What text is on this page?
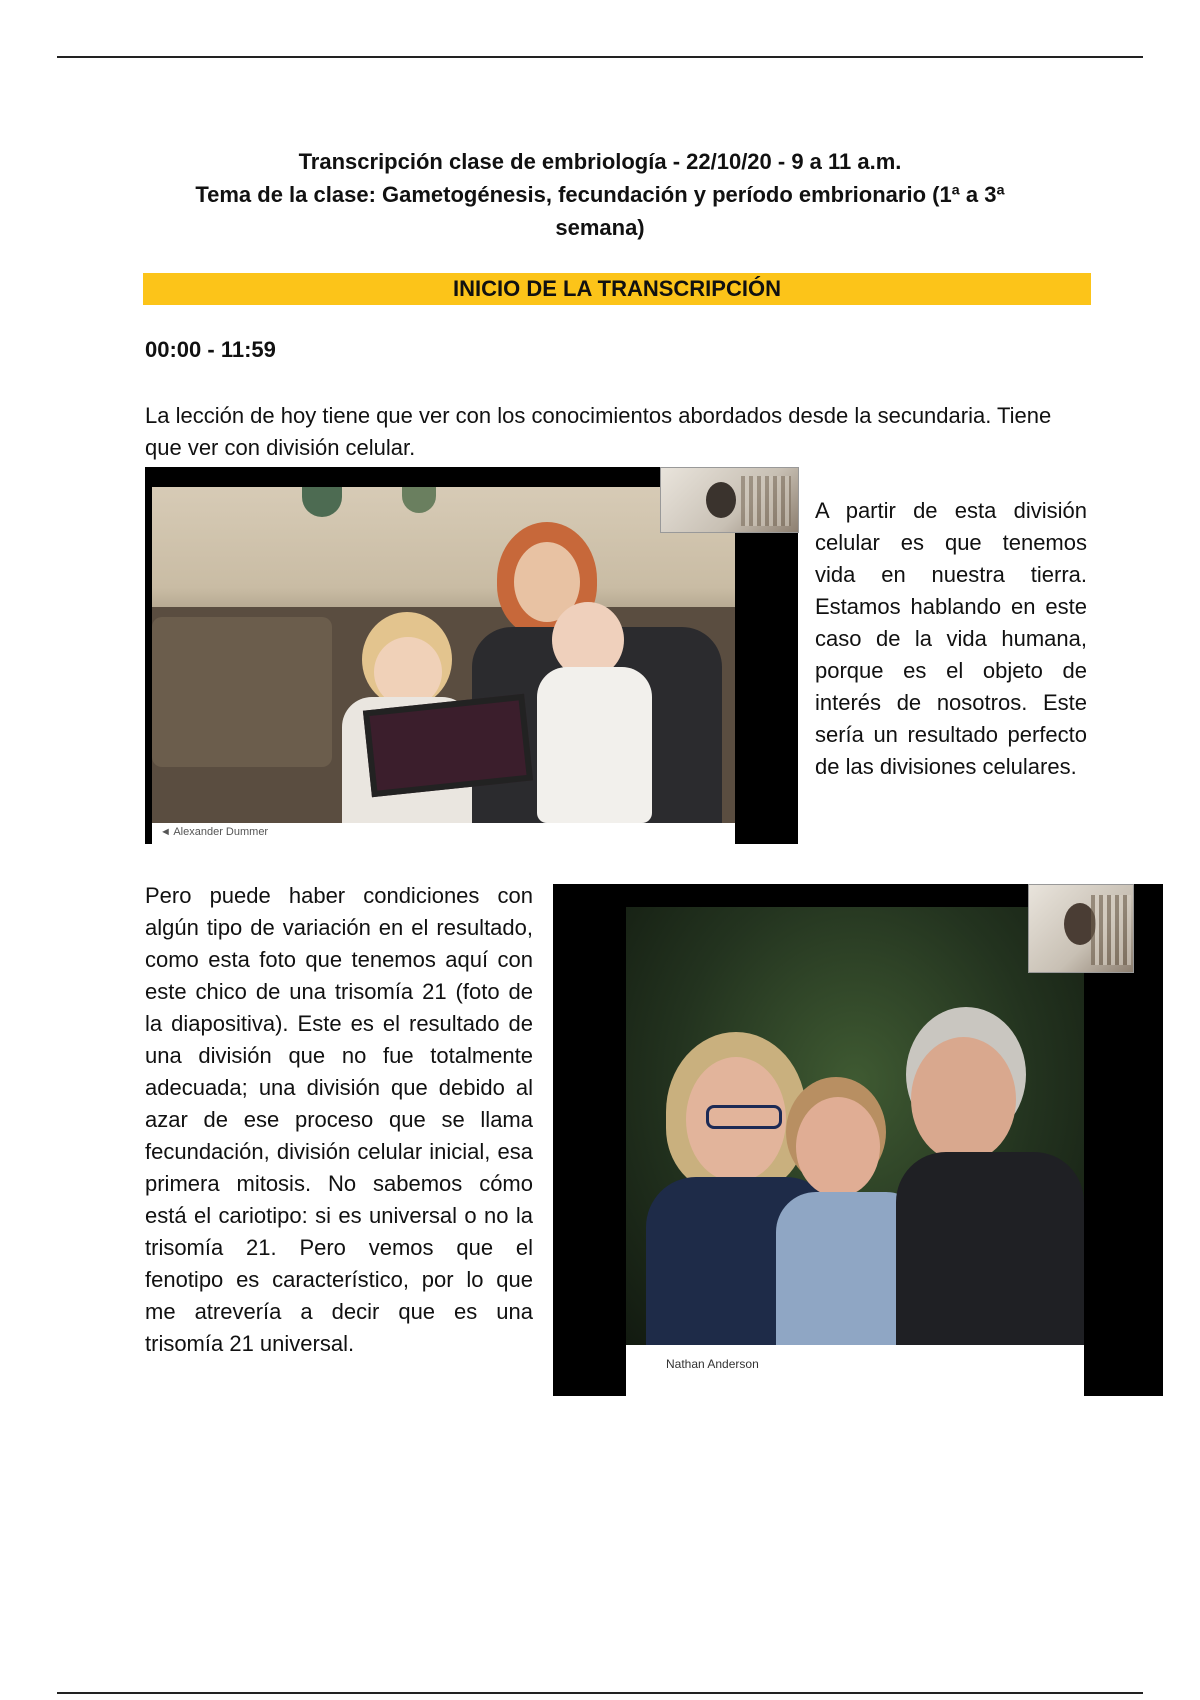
Transcripción clase de embriología - 22/10/20 - 9 a 11 a.m.
Tema de la clase: Gametogénesis, fecundación y período embrionario (1ª a 3ª semana)
INICIO DE LA TRANSCRIPCIÓN
00:00 - 11:59
La lección de hoy tiene que ver con los conocimientos abordados desde la secundaria. Tiene que ver con división celular.
◄ Alexander Dummer
A partir de esta división celular es que tenemos vida en nuestra tierra. Estamos hablando en este caso de la vida humana, porque es el objeto de interés de nosotros. Este sería un resultado perfecto de las divisiones celulares.
Pero puede haber condiciones con algún tipo de variación en el resultado, como esta foto que tenemos aquí con este chico de una trisomía 21 (foto de la diapositiva). Este es el resultado de una división que no fue totalmente adecuada; una división que debido al azar de ese proceso que se llama fecundación, división celular inicial, esa primera mitosis. No sabemos cómo está el cariotipo: si es universal o no la trisomía 21. Pero vemos que el fenotipo es característico, por lo que me atrevería a decir que es una trisomía 21 universal.
Nathan Anderson
